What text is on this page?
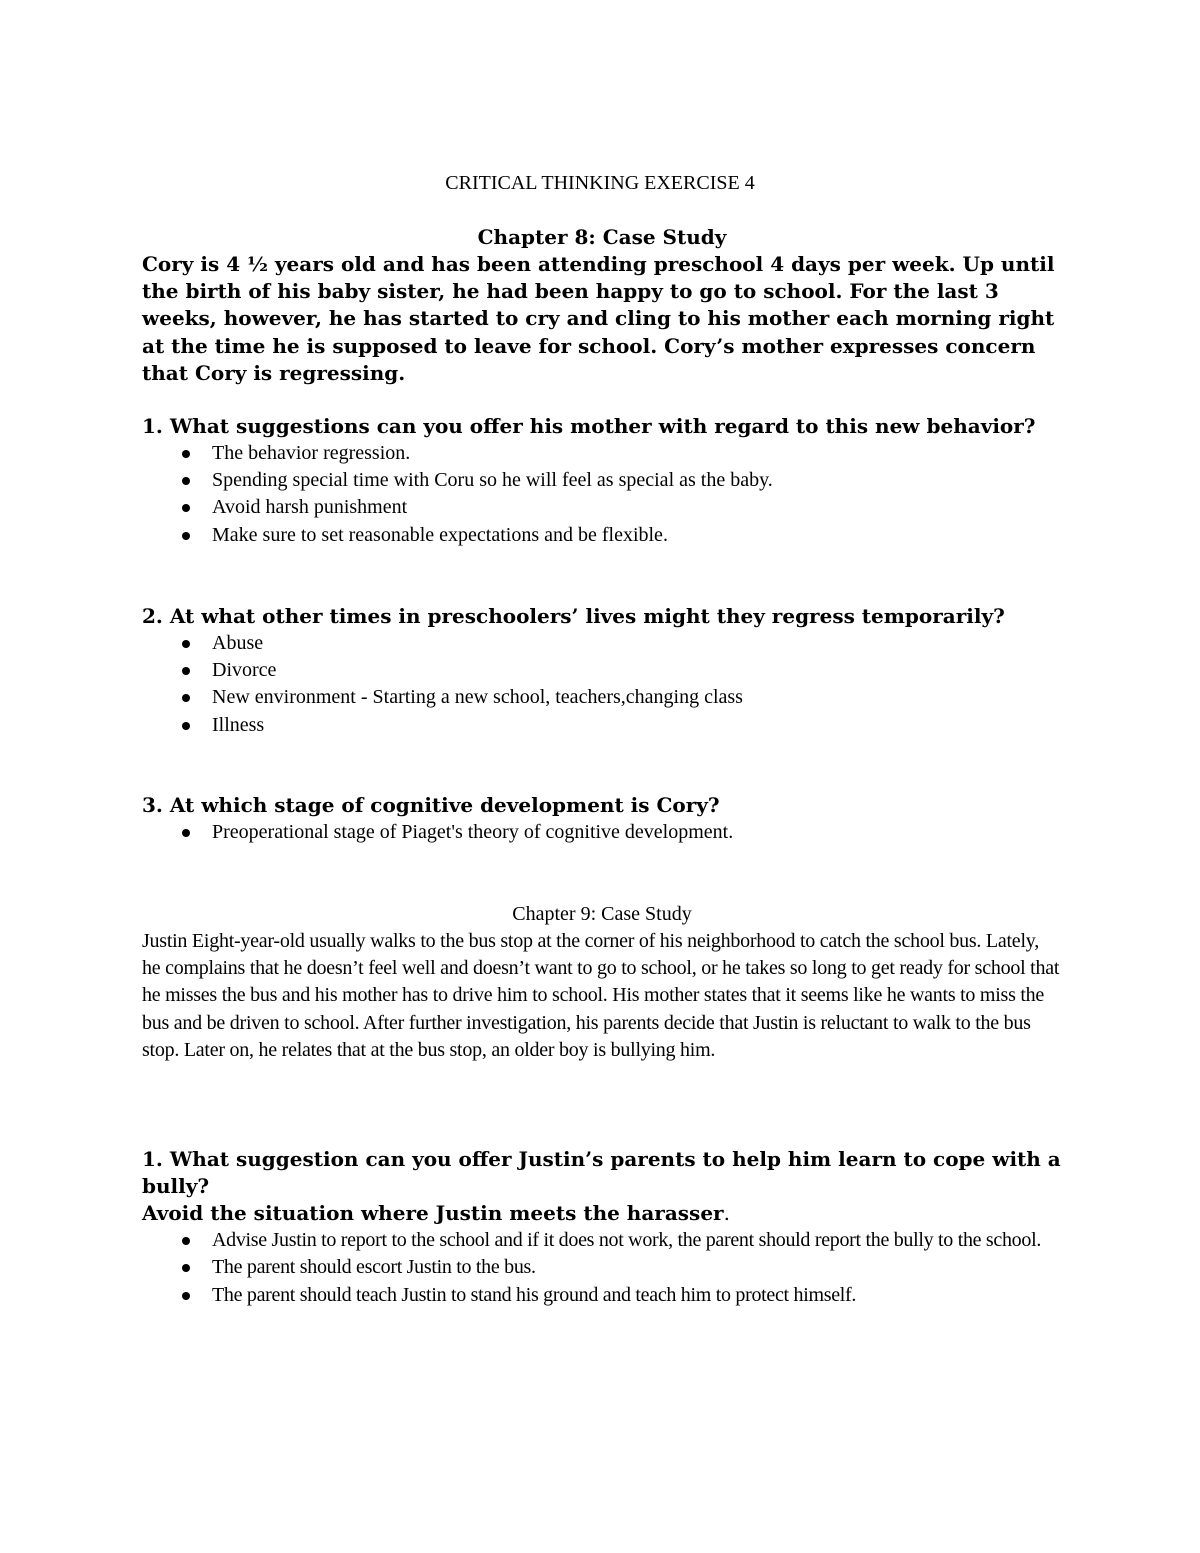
CRITICAL THINKING EXERCISE 4

Chapter 8: Case Study

Cory is 4 ½ years old and has been attending preschool 4 days per week. Up until the birth of his baby sister, he had been happy to go to school. For the last 3 weeks, however, he has started to cry and cling to his mother each morning right at the time he is supposed to leave for school. Cory’s mother expresses concern that Cory is regressing.

1. What suggestions can you offer his mother with regard to this new behavior?

The behavior regression.
Spending special time with Coru so he will feel as special as the baby.
Avoid harsh punishment
Make sure to set reasonable expectations and be flexible.

2. At what other times in preschoolers’ lives might they regress temporarily?

Abuse
Divorce
New environment - Starting a new school, teachers,changing class
Illness

3. At which stage of cognitive development is Cory?

Preoperational stage of Piaget's theory of cognitive development.

Chapter 9: Case Study

Justin Eight-year-old usually walks to the bus stop at the corner of his neighborhood to catch the school bus. Lately, he complains that he doesn’t feel well and doesn’t want to go to school, or he takes so long to get ready for school that he misses the bus and his mother has to drive him to school. His mother states that it seems like he wants to miss the bus and be driven to school. After further investigation, his parents decide that Justin is reluctant to walk to the bus stop. Later on, he relates that at the bus stop, an older boy is bullying him.

1. What suggestion can you offer Justin’s parents to help him learn to cope with a bully?

Avoid the situation where Justin meets the harasser.

Advise Justin to report to the school and if it does not work, the parent should report the bully to the school.
The parent should escort Justin to the bus.
The parent should teach Justin to stand his ground and teach him to protect himself.
